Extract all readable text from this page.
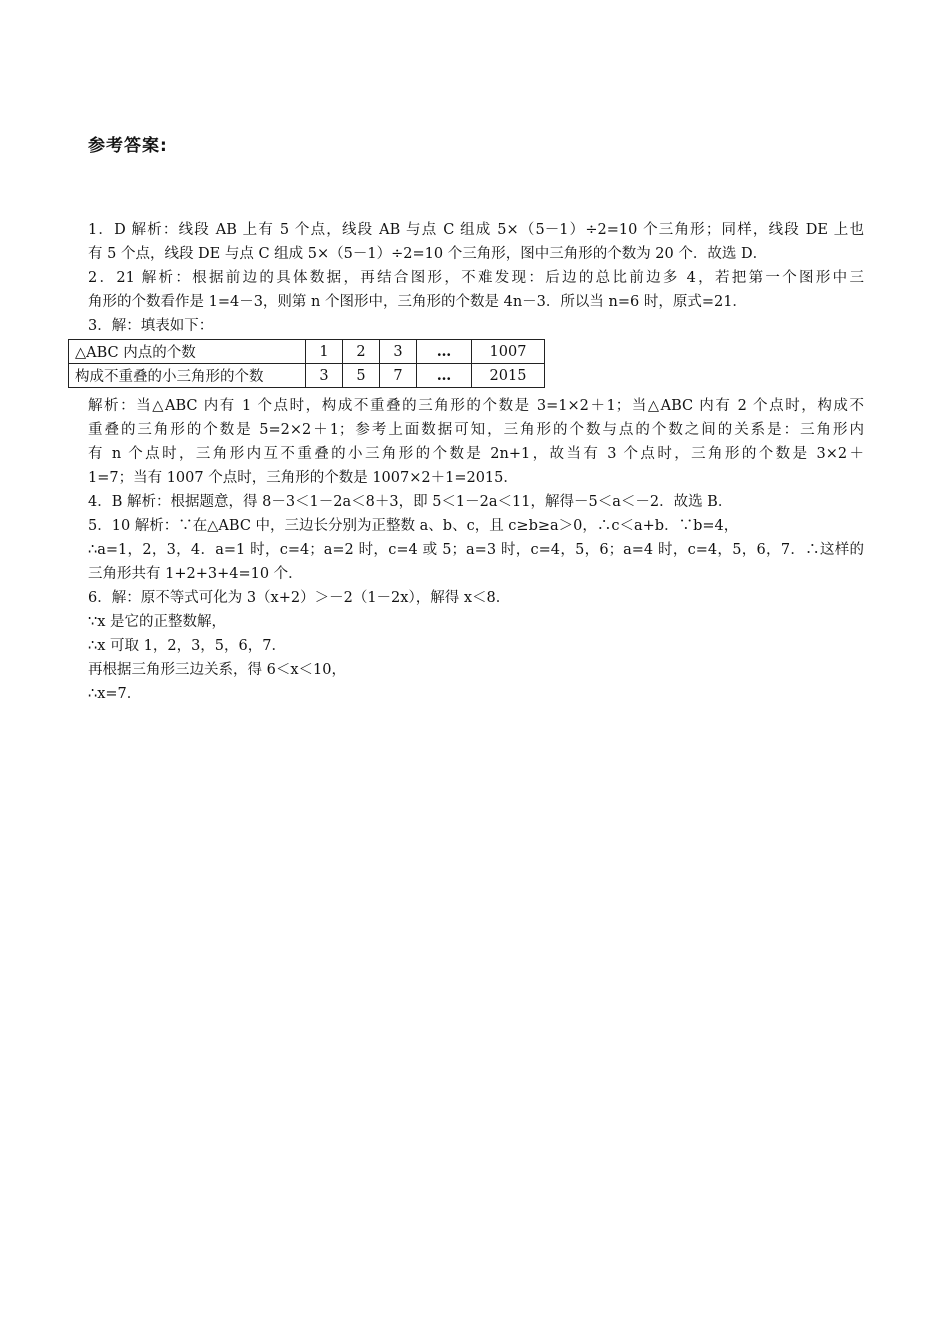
参考答案:
1．D 解析：线段 AB 上有 5 个点，线段 AB 与点 C 组成 5×（5－1）÷2=10 个三角形；同样，线段 DE 上也
有 5 个点，线段 DE 与点 C 组成 5×（5－1）÷2=10 个三角形，图中三角形的个数为 20 个．故选 D．
2．21 解析：根据前边的具体数据，再结合图形，不难发现：后边的总比前边多 4，若把第一个图形中三
角形的个数看作是 1=4－3，则第 n 个图形中，三角形的个数是 4n－3．所以当 n=6 时，原式=21．
3．解：填表如下：
△ABC 内点的个数	1	2	3	…	1007
构成不重叠的小三角形的个数	3	5	7	…	2015
解析：当△ABC 内有 1 个点时，构成不重叠的三角形的个数是 3=1×2＋1；当△ABC 内有 2 个点时，构成不
重叠的三角形的个数是 5=2×2＋1；参考上面数据可知，三角形的个数与点的个数之间的关系是：三角形内
有 n 个点时，三角形内互不重叠的小三角形的个数是 2n+1，故当有 3 个点时，三角形的个数是 3×2＋
1=7；当有 1007 个点时，三角形的个数是 1007×2＋1=2015．
4．B 解析：根据题意，得 8－3＜1－2a＜8＋3，即 5＜1－2a＜11，解得－5＜a＜－2．故选 B．
5．10 解析：∵在△ABC 中，三边长分别为正整数 a、b、c，且 c≥b≥a＞0，∴c＜a+b．∵b=4，
∴a=1，2，3，4．a=1 时，c=4；a=2 时，c=4 或 5；a=3 时，c=4，5，6；a=4 时，c=4，5，6，7．∴这样的
三角形共有 1+2+3+4=10 个．
6．解：原不等式可化为 3（x+2）＞－2（1－2x），解得 x＜8．
∵x 是它的正整数解，
∴x 可取 1，2，3，5，6，7．
再根据三角形三边关系，得 6＜x＜10，
∴x=7．
